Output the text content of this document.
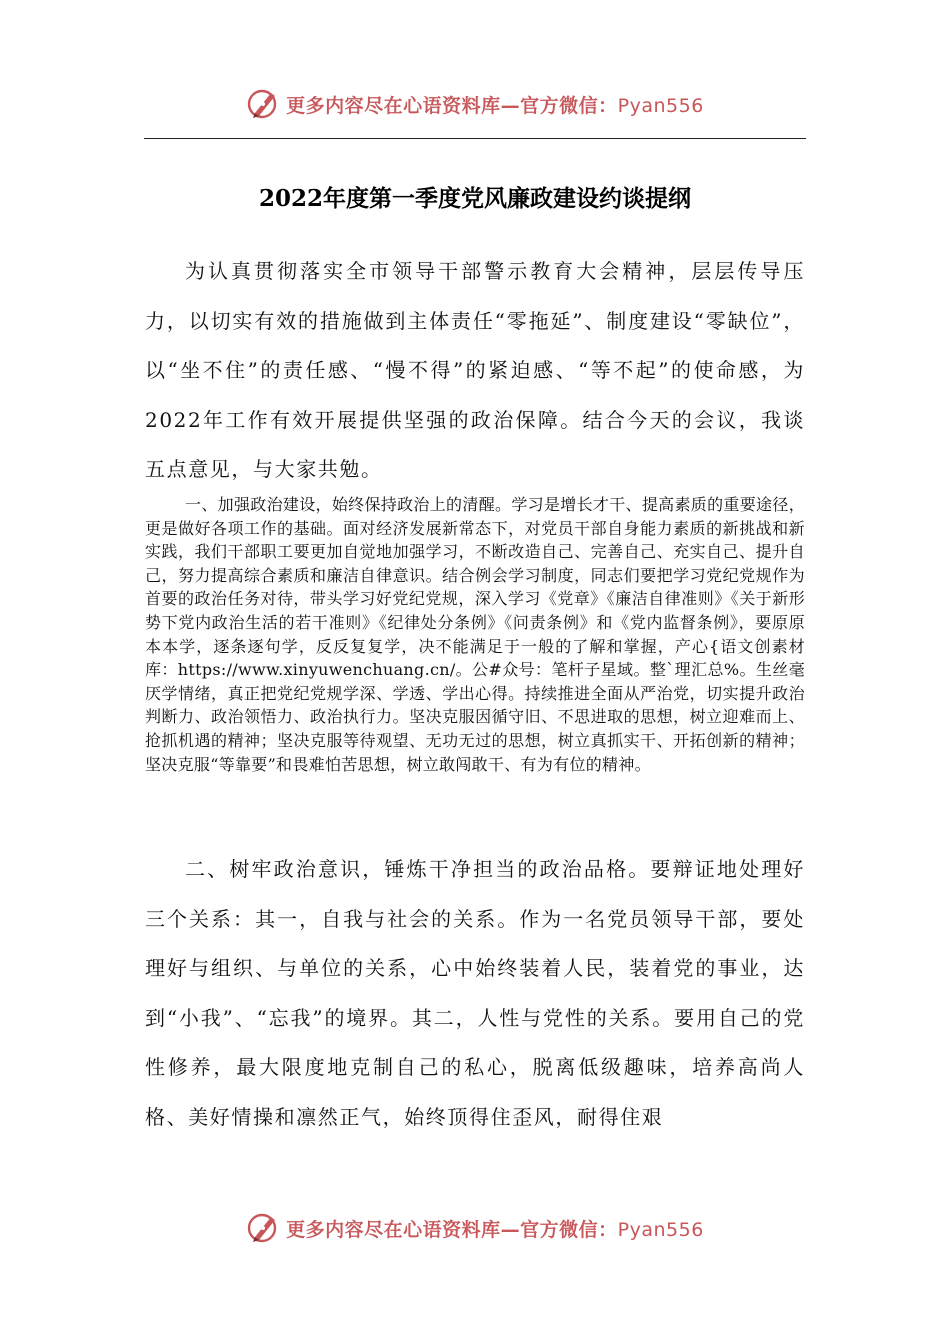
更多内容尽在心语资料库—官方微信：Pyan556
2022年度第一季度党风廉政建设约谈提纲

为认真贯彻落实全市领导干部警示教育大会精神，层层传导压力，以切实有效的措施做到主体责任“零拖延”、制度建设“零缺位”，以“坐不住”的责任感、“慢不得”的紧迫感、“等不起”的使命感，为2022年工作有效开展提供坚强的政治保障。结合今天的会议，我谈五点意见，与大家共勉。

一、加强政治建设，始终保持政治上的清醒。学习是增长才干、提高素质的重要途径，更是做好各项工作的基础。面对经济发展新常态下，对党员干部自身能力素质的新挑战和新实践，我们干部职工要更加自觉地加强学习，不断改造自己、完善自己、充实自己、提升自己，努力提高综合素质和廉洁自律意识。结合例会学习制度，同志们要把学习党纪党规作为首要的政治任务对待，带头学习好党纪党规，深入学习《党章》《廉洁自律准则》《关于新形势下党内政治生活的若干准则》《纪律处分条例》《问责条例》和《党内监督条例》，要原原本本学，逐条逐句学，反反复复学，决不能满足于一般的了解和掌握，产心{语文创素材库：https://www.xinyuwenchuang.cn/。公#众号：笔杆子星域。整`理汇总%。生丝毫厌学情绪，真正把党纪党规学深、学透、学出心得。持续推进全面从严治党，切实提升政治判断力、政治领悟力、政治执行力。坚决克服因循守旧、不思进取的思想，树立迎难而上、抢抓机遇的精神；坚决克服等待观望、无功无过的思想，树立真抓实干、开拓创新的精神；坚决克服“等靠要”和畏难怕苦思想，树立敢闯敢干、有为有位的精神。

二、树牢政治意识，锤炼干净担当的政治品格。要辩证地处理好三个关系：其一，自我与社会的关系。作为一名党员领导干部，要处理好与组织、与单位的关系，心中始终装着人民，装着党的事业，达到“小我”、“忘我”的境界。其二，人性与党性的关系。要用自己的党性修养，最大限度地克制自己的私心，脱离低级趣味，培养高尚人格、美好情操和凛然正气，始终顶得住歪风，耐得住艰

更多内容尽在心语资料库—官方微信：Pyan556
